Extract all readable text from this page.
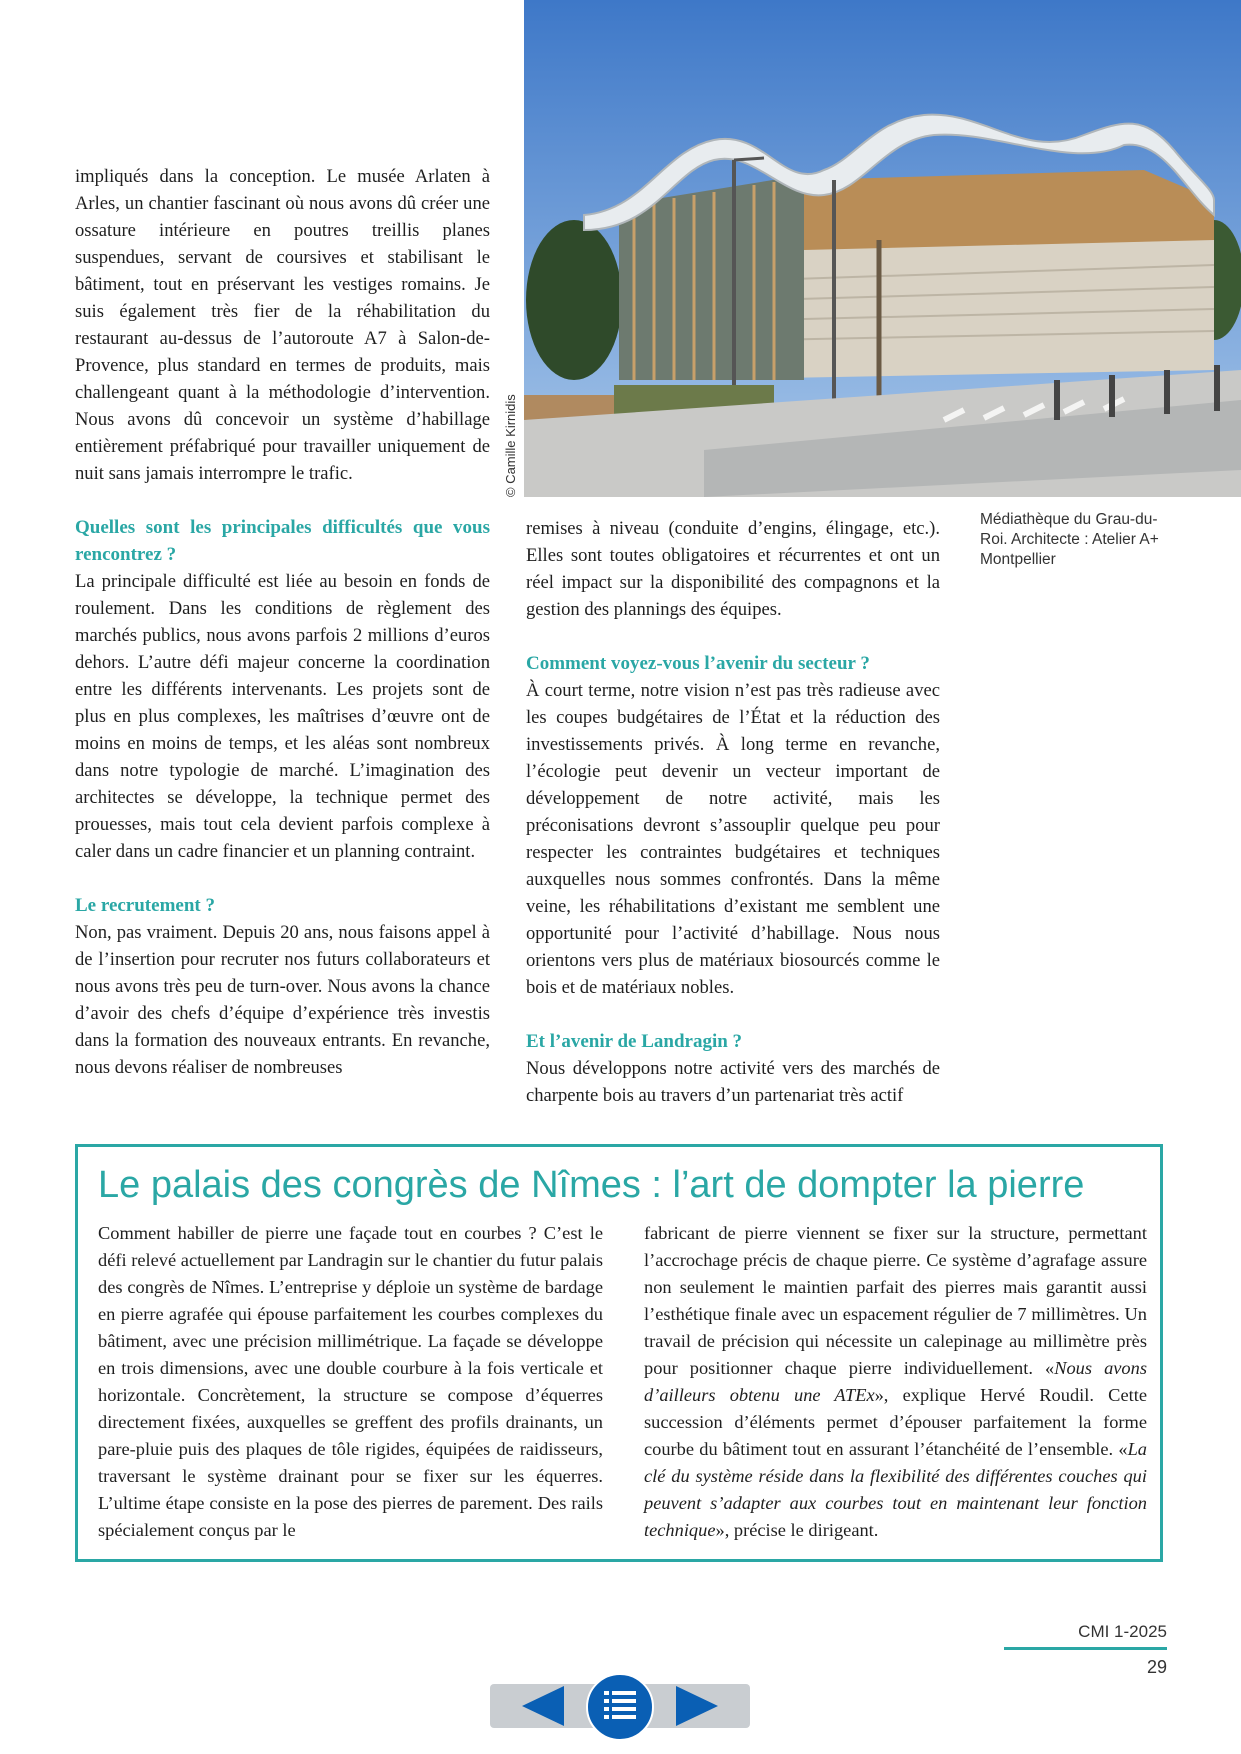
© Camille Kirnidis
Médiathèque du Grau-du-Roi. Architecte : Atelier A+ Montpellier

impliqués dans la conception. Le musée Arlaten à Arles, un chantier fascinant où nous avons dû créer une ossature intérieure en poutres treillis planes suspendues, servant de coursives et stabilisant le bâtiment, tout en préservant les vestiges romains. Je suis également très fier de la réhabilitation du restaurant au-dessus de l’autoroute A7 à Salon-de-Provence, plus standard en termes de produits, mais challengeant quant à la méthodologie d’intervention. Nous avons dû concevoir un système d’habillage entièrement préfabriqué pour travailler uniquement de nuit sans jamais interrompre le trafic.

Quelles sont les principales difficultés que vous rencontrez ?

La principale difficulté est liée au besoin en fonds de roulement. Dans les conditions de règlement des marchés publics, nous avons parfois 2 millions d’euros dehors. L’autre défi majeur concerne la coordination entre les différents intervenants. Les projets sont de plus en plus complexes, les maîtrises d’œuvre ont de moins en moins de temps, et les aléas sont nombreux dans notre typologie de marché. L’imagination des architectes se développe, la technique permet des prouesses, mais tout cela devient parfois complexe à caler dans un cadre financier et un planning contraint.

Le recrutement ?

Non, pas vraiment. Depuis 20 ans, nous faisons appel à de l’insertion pour recruter nos futurs collaborateurs et nous avons très peu de turn-over. Nous avons la chance d’avoir des chefs d’équipe d’expérience très investis dans la formation des nouveaux entrants. En revanche, nous devons réaliser de nombreuses

remises à niveau (conduite d’engins, élingage, etc.). Elles sont toutes obligatoires et récurrentes et ont un réel impact sur la disponibilité des compagnons et la gestion des plannings des équipes.

Comment voyez-vous l’avenir du secteur ?

À court terme, notre vision n’est pas très radieuse avec les coupes budgétaires de l’État et la réduction des investissements privés. À long terme en revanche, l’écologie peut devenir un vecteur important de développement de notre activité, mais les préconisations devront s’assouplir quelque peu pour respecter les contraintes budgétaires et techniques auxquelles nous sommes confrontés. Dans la même veine, les réhabilitations d’existant me semblent une opportunité pour l’activité d’habillage. Nous nous orientons vers plus de matériaux biosourcés comme le bois et de matériaux nobles.

Et l’avenir de Landragin ?

Nous développons notre activité vers des marchés de charpente bois au travers d’un partenariat très actif

Le palais des congrès de Nîmes : l’art de dompter la pierre

Comment habiller de pierre une façade tout en courbes ? C’est le défi relevé actuellement par Landragin sur le chantier du futur palais des congrès de Nîmes. L’entreprise y déploie un système de bardage en pierre agrafée qui épouse parfaitement les courbes complexes du bâtiment, avec une précision millimétrique. La façade se développe en trois dimensions, avec une double courbure à la fois verticale et horizontale. Concrètement, la structure se compose d’équerres directement fixées, auxquelles se greffent des profils drainants, un pare-pluie puis des plaques de tôle rigides, équipées de raidisseurs, traversant le système drainant pour se fixer sur les équerres. L’ultime étape consiste en la pose des pierres de parement. Des rails spécialement conçus par le

fabricant de pierre viennent se fixer sur la structure, permettant l’accrochage précis de chaque pierre. Ce système d’agrafage assure non seulement le maintien parfait des pierres mais garantit aussi l’esthétique finale avec un espacement régulier de 7 millimètres. Un travail de précision qui nécessite un calepinage au millimètre près pour positionner chaque pierre individuellement. «Nous avons d’ailleurs obtenu une ATEx», explique Hervé Roudil. Cette succession d’éléments permet d’épouser parfaitement la forme courbe du bâtiment tout en assurant l’étanchéité de l’ensemble. «La clé du système réside dans la flexibilité des différentes couches qui peuvent s’adapter aux courbes tout en maintenant leur fonction technique», précise le dirigeant.

CMI 1-2025
29
